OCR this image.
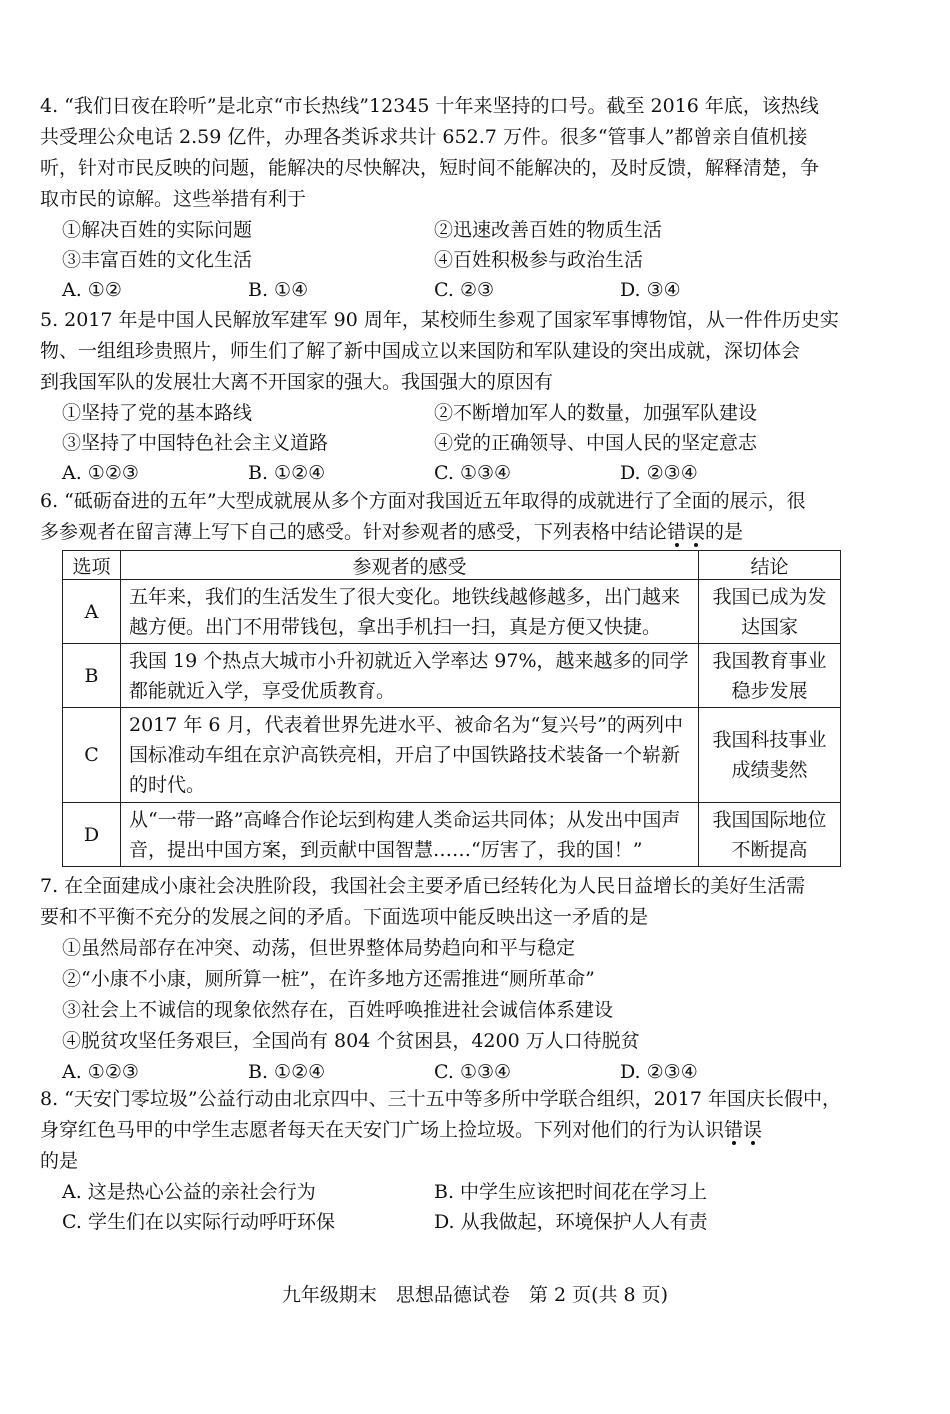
4. “我们日夜在聆听”是北京“市长热线”12345 十年来坚持的口号。截至 2016 年底，该热线
共受理公众电话 2.59 亿件，办理各类诉求共计 652.7 万件。很多“管事人”都曾亲自值机接
听，针对市民反映的问题，能解决的尽快解决，短时间不能解决的，及时反馈，解释清楚，争
取市民的谅解。这些举措有利于
①解决百姓的实际问题	②迅速改善百姓的物质生活
③丰富百姓的文化生活	④百姓积极参与政治生活
A. ①②	B. ①④	C. ②③	D. ③④
5. 2017 年是中国人民解放军建军 90 周年，某校师生参观了国家军事博物馆，从一件件历史实
物、一组组珍贵照片，师生们了解了新中国成立以来国防和军队建设的突出成就，深切体会
到我国军队的发展壮大离不开国家的强大。我国强大的原因有
①坚持了党的基本路线	②不断增加军人的数量，加强军队建设
③坚持了中国特色社会主义道路	④党的正确领导、中国人民的坚定意志
A. ①②③	B. ①②④	C. ①③④	D. ②③④
6. “砥砺奋进的五年”大型成就展从多个方面对我国近五年取得的成就进行了全面的展示，很
多参观者在留言薄上写下自己的感受。针对参观者的感受，下列表格中结论错
误
的是
选项	参观者的感受	结论
A	五年来，我们的生活发生了很大变化。地铁线越修越多，出门越来越方便。出门不用带钱包，拿出手机扫一扫，真是方便又快捷。	我国已成为发达国家
B	我国 19 个热点大城市小升初就近入学率达 97%，越来越多的同学都能就近入学，享受优质教育。	我国教育事业稳步发展
C	2017 年 6 月，代表着世界先进水平、被命名为“复兴号”的两列中国标准动车组在京沪高铁亮相，开启了中国铁路技术装备一个崭新的时代。	我国科技事业成绩斐然
D	从“一带一路”高峰合作论坛到构建人类命运共同体；从发出中国声音，提出中国方案，到贡献中国智慧……“厉害了，我的国！”	我国国际地位不断提高
7. 在全面建成小康社会决胜阶段，我国社会主要矛盾已经转化为人民日益增长的美好生活需
要和不平衡不充分的发展之间的矛盾。下面选项中能反映出这一矛盾的是
①虽然局部存在冲突、动荡，但世界整体局势趋向和平与稳定
②“小康不小康，厕所算一桩”，在许多地方还需推进“厕所革命”
③社会上不诚信的现象依然存在，百姓呼唤推进社会诚信体系建设
④脱贫攻坚任务艰巨，全国尚有 804 个贫困县，4200 万人口待脱贫
A. ①②③	B. ①②④	C. ①③④	D. ②③④
8. “天安门零垃圾”公益行动由北京四中、三十五中等多所中学联合组织，2017 年国庆长假中，
身穿红色马甲的中学生志愿者每天在天安门广场上捡垃圾。下列对他们的行为认识错
误
的是
A. 这是热心公益的亲社会行为	B. 中学生应该把时间花在学习上
C. 学生们在以实际行动呼吁环保	D. 从我做起，环境保护人人有责
九年级期末　思想品德试卷　第 2 页(共 8 页)
